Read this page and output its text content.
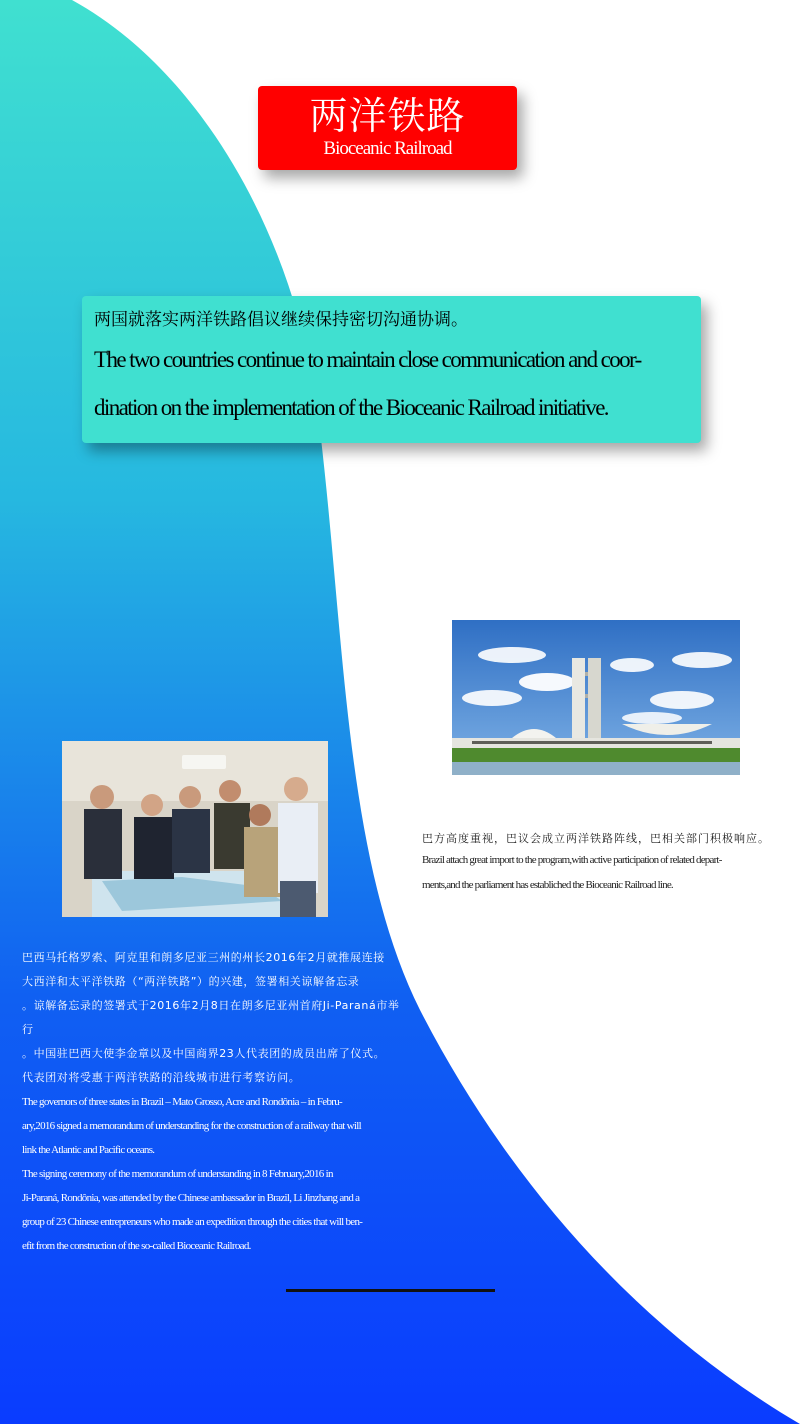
两洋铁路
Bioceanic Railroad

两国就落实两洋铁路倡议继续保持密切沟通协调。

The two countries continue to maintain close communication and coor-
dination on the implementation of the Bioceanic Railroad initiative.

巴方高度重视，巴议会成立两洋铁路阵线，巴相关部门积极响应。

Brazil attach great import to the program,with active participation of related depart-
ments,and the parliament has establiched the Bioceanic Railroad line.

巴西马托格罗索、阿克里和朗多尼亚三州的州长2016年2月就推展连接
大西洋和太平洋铁路（“两洋铁路”）的兴建，签署相关谅解备忘录
。谅解备忘录的签署式于2016年2月8日在朗多尼亚州首府Ji-Paraná市举行
。中国驻巴西大使李金章以及中国商界23人代表团的成员出席了仪式。
代表团对将受惠于两洋铁路的沿线城市进行考察访问。

The governors of three states in Brazil – Mato Grosso, Acre and Rondônia – in Febru-
ary,2016 signed a memorandum of understanding for the construction of a railway that will
link the Atlantic and Pacific oceans.
The signing ceremony of the memorandum of understanding in 8 February,2016 in
Ji-Paraná, Rondônia, was attended by the Chinese ambassador in Brazil, Li Jinzhang and a
group of 23 Chinese entrepreneurs who made an expedition through the cities that will ben-
efit from the construction of the so-called Bioceanic Railroad.
